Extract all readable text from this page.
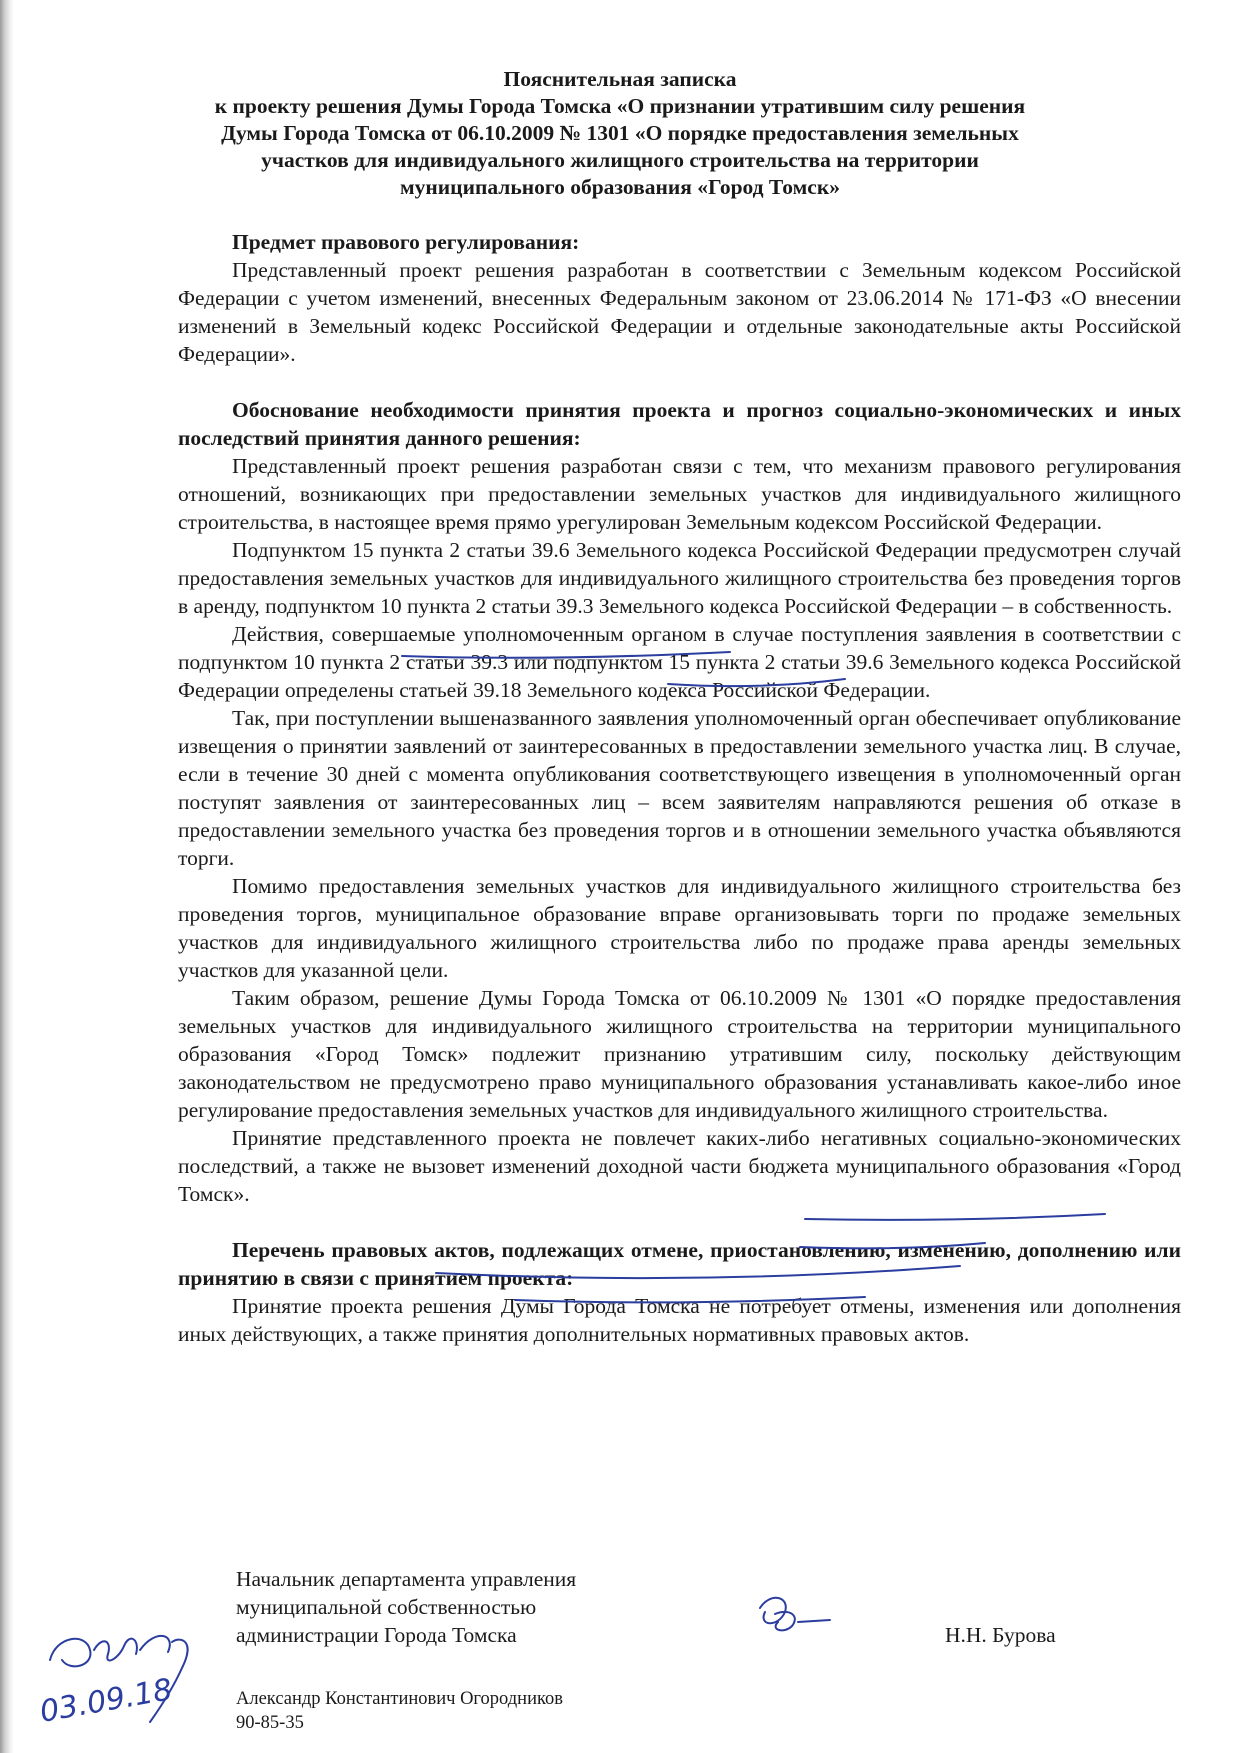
Пояснительная записка
к проекту решения Думы Города Томска «О признании утратившим силу решения
Думы Города Томска от 06.10.2009 № 1301 «О порядке предоставления земельных
участков для индивидуального жилищного строительства на территории
муниципального образования «Город Томск»
Предмет правового регулирования:
Представленный проект решения разработан в соответствии с Земельным кодексом Российской Федерации с учетом изменений, внесенных Федеральным законом от 23.06.2014 № 171-ФЗ «О внесении изменений в Земельный кодекс Российской Федерации и отдельные законодательные акты Российской Федерации».
Обоснование необходимости принятия проекта и прогноз социально-экономических и иных последствий принятия данного решения:
Представленный проект решения разработан связи с тем, что механизм правового регулирования отношений, возникающих при предоставлении земельных участков для индивидуального жилищного строительства, в настоящее время прямо урегулирован Земельным кодексом Российской Федерации.
Подпунктом 15 пункта 2 статьи 39.6 Земельного кодекса Российской Федерации предусмотрен случай предоставления земельных участков для индивидуального жилищного строительства без проведения торгов в аренду, подпунктом 10 пункта 2 статьи 39.3 Земельного кодекса Российской Федерации – в собственность.
Действия, совершаемые уполномоченным органом в случае поступления заявления в соответствии с подпунктом 10 пункта 2 статьи 39.3 или подпунктом 15 пункта 2 статьи 39.6 Земельного кодекса Российской Федерации определены статьей 39.18 Земельного кодекса Российской Федерации.
Так, при поступлении вышеназванного заявления уполномоченный орган обеспечивает опубликование извещения о принятии заявлений от заинтересованных в предоставлении земельного участка лиц. В случае, если в течение 30 дней с момента опубликования соответствующего извещения в уполномоченный орган поступят заявления от заинтересованных лиц – всем заявителям направляются решения об отказе в предоставлении земельного участка без проведения торгов и в отношении земельного участка объявляются торги.
Помимо предоставления земельных участков для индивидуального жилищного строительства без проведения торгов, муниципальное образование вправе организовывать торги по продаже земельных участков для индивидуального жилищного строительства либо по продаже права аренды земельных участков для указанной цели.
Таким образом, решение Думы Города Томска от 06.10.2009 № 1301 «О порядке предоставления земельных участков для индивидуального жилищного строительства на территории муниципального образования «Город Томск» подлежит признанию утратившим силу, поскольку действующим законодательством не предусмотрено право муниципального образования устанавливать какое-либо иное регулирование предоставления земельных участков для индивидуального жилищного строительства.
Принятие представленного проекта не повлечет каких-либо негативных социально-экономических последствий, а также не вызовет изменений доходной части бюджета муниципального образования «Город Томск».
Перечень правовых актов, подлежащих отмене, приостановлению, изменению, дополнению или принятию в связи с принятием проекта:
Принятие проекта решения Думы Города Томска не потребует отмены, изменения или дополнения иных действующих, а также принятия дополнительных нормативных правовых актов.
Начальник департамента управления
муниципальной собственностью
администрации Города Томска	Н.Н. Бурова
Александр Константинович Огородников
90-85-35
03.09.18
